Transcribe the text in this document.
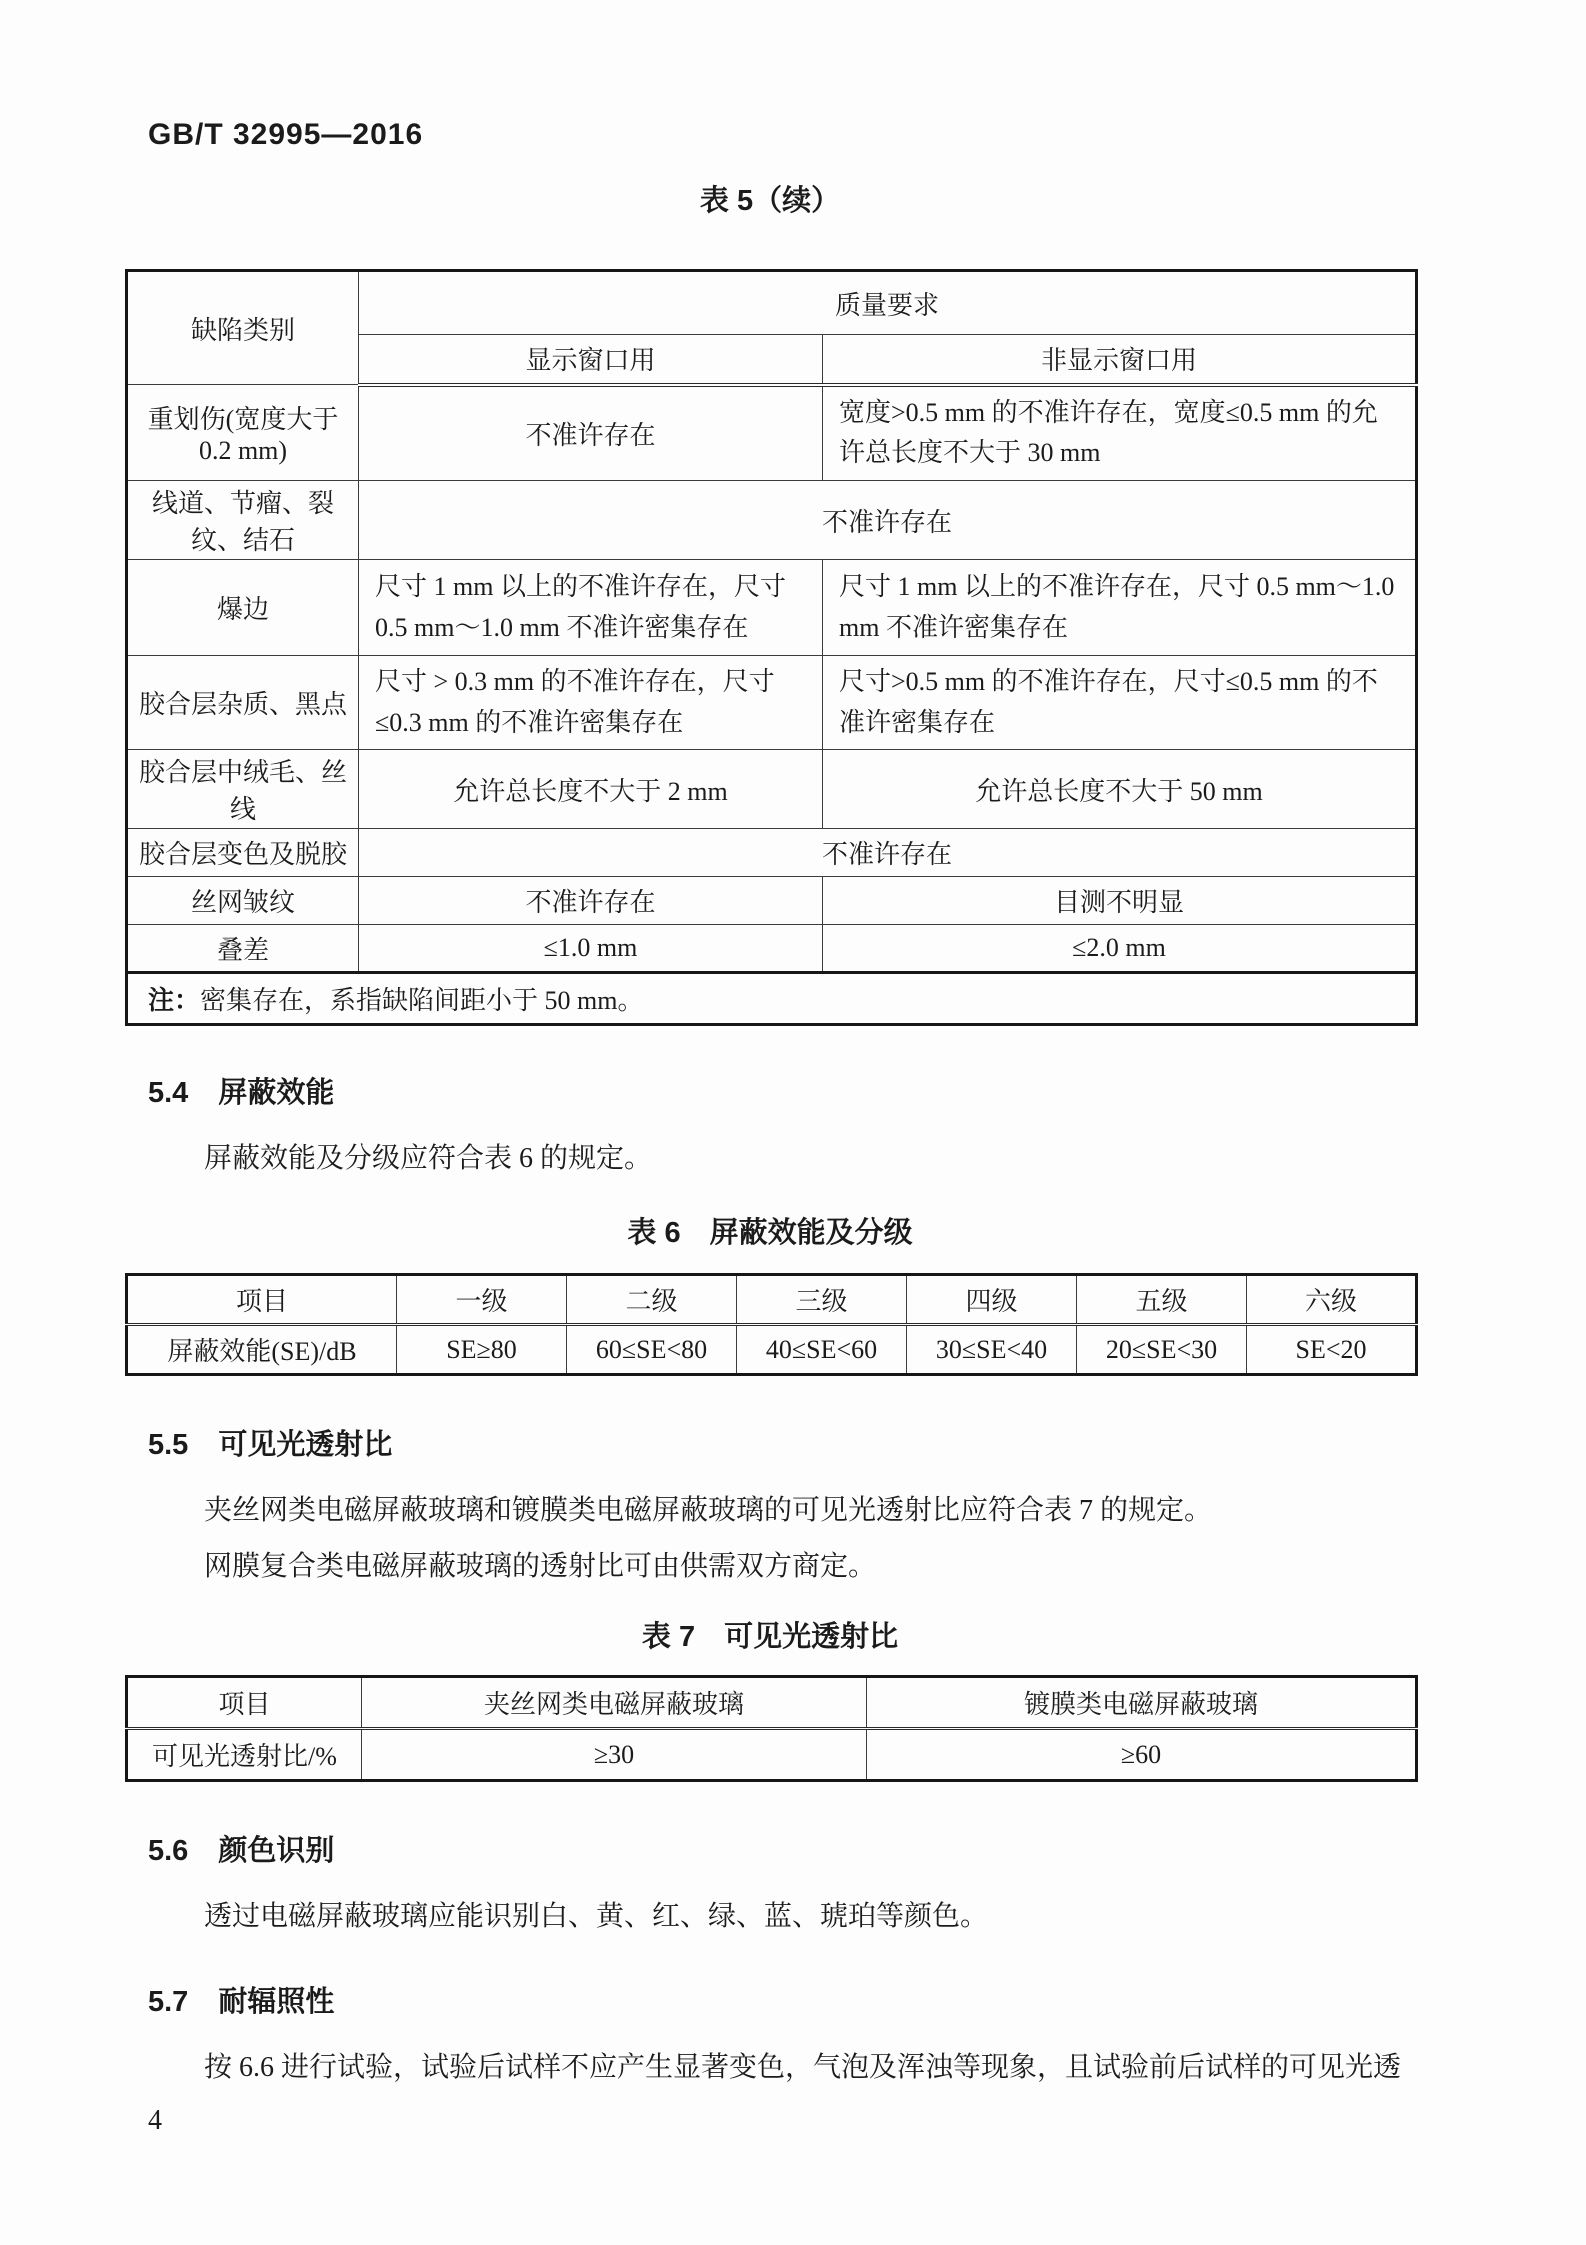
GB/T 32995—2016
表 5（续）
缺陷类别	质量要求	
	显示窗口用	非显示窗口用
重划伤(宽度大于 0.2 mm)	不准许存在	宽度>0.5 mm 的不准许存在，宽度≤0.5 mm 的允许总长度不大于 30 mm
线道、节瘤、裂纹、结石	不准许存在	
爆边	尺寸 1 mm 以上的不准许存在，尺寸 0.5 mm～1.0 mm 不准许密集存在	尺寸 1 mm 以上的不准许存在，尺寸 0.5 mm～1.0 mm 不准许密集存在
胶合层杂质、黑点	尺寸 > 0.3 mm 的不准许存在，尺寸 ≤0.3 mm 的不准许密集存在	尺寸>0.5 mm 的不准许存在，尺寸≤0.5 mm 的不准许密集存在
胶合层中绒毛、丝线	允许总长度不大于 2 mm	允许总长度不大于 50 mm
胶合层变色及脱胶	不准许存在	
丝网皱纹	不准许存在	目测不明显
叠差	≤1.0 mm	≤2.0 mm
注：密集存在，系指缺陷间距小于 50 mm。		
5.4 屏蔽效能
屏蔽效能及分级应符合表 6 的规定。
表 6　屏蔽效能及分级
项目	一级	二级	三级	四级	五级	六级
屏蔽效能(SE)/dB	SE≥80	60≤SE<80	40≤SE<60	30≤SE<40	20≤SE<30	SE<20
5.5 可见光透射比
夹丝网类电磁屏蔽玻璃和镀膜类电磁屏蔽玻璃的可见光透射比应符合表 7 的规定。
网膜复合类电磁屏蔽玻璃的透射比可由供需双方商定。
表 7　可见光透射比
项目	夹丝网类电磁屏蔽玻璃	镀膜类电磁屏蔽玻璃
可见光透射比/%	≥30	≥60
5.6 颜色识别
透过电磁屏蔽玻璃应能识别白、黄、红、绿、蓝、琥珀等颜色。
5.7 耐辐照性
按 6.6 进行试验，试验后试样不应产生显著变色，气泡及浑浊等现象，且试验前后试样的可见光透
4
